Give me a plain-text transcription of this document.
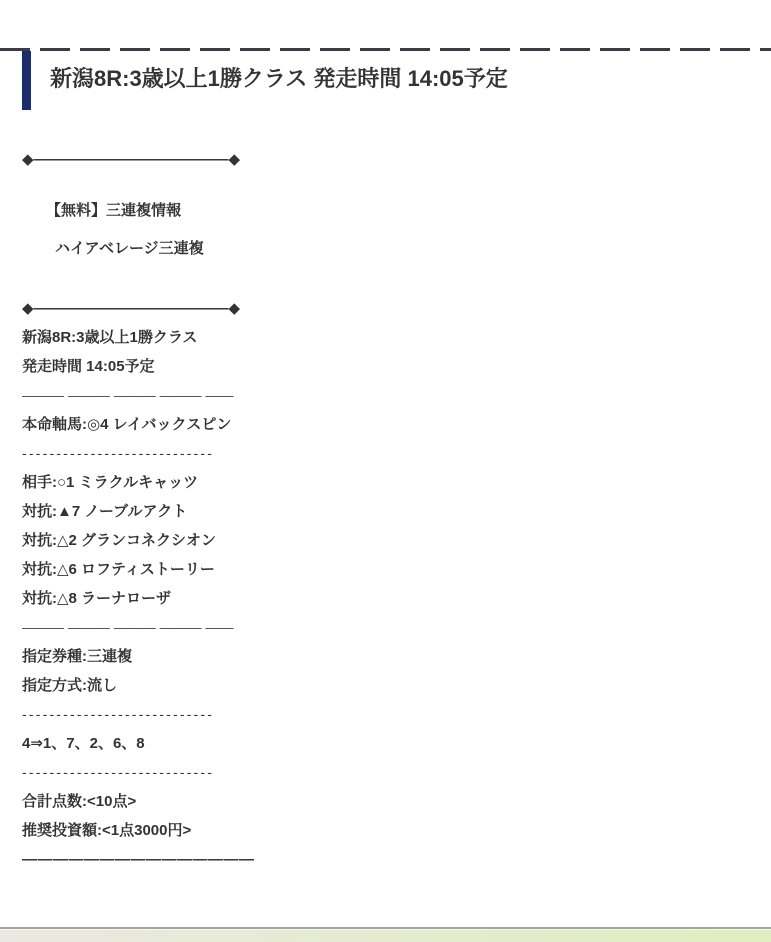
新潟8R:3歳以上1勝クラス 発走時間 14:05予定

◆―――――――――――――◆

【無料】三連複情報

ハイアベレージ三連複

◆―――――――――――――◆

新潟8R:3歳以上1勝クラス

発走時間 14:05予定

――― ――― ――― ――― ――

本命軸馬:◎4 レイバックスピン

----------------------------

相手:○1 ミラクルキャッツ

対抗:▲7 ノーブルアクト

対抗:△2 グランコネクシオン

対抗:△6 ロフティストーリー

対抗:△8 ラーナローザ

――― ――― ――― ――― ――

指定券種:三連複

指定方式:流し

----------------------------

4⇒1、7、2、6、8

----------------------------

合計点数:<10点>

推奨投資額:<1点3000円>

———————————————
